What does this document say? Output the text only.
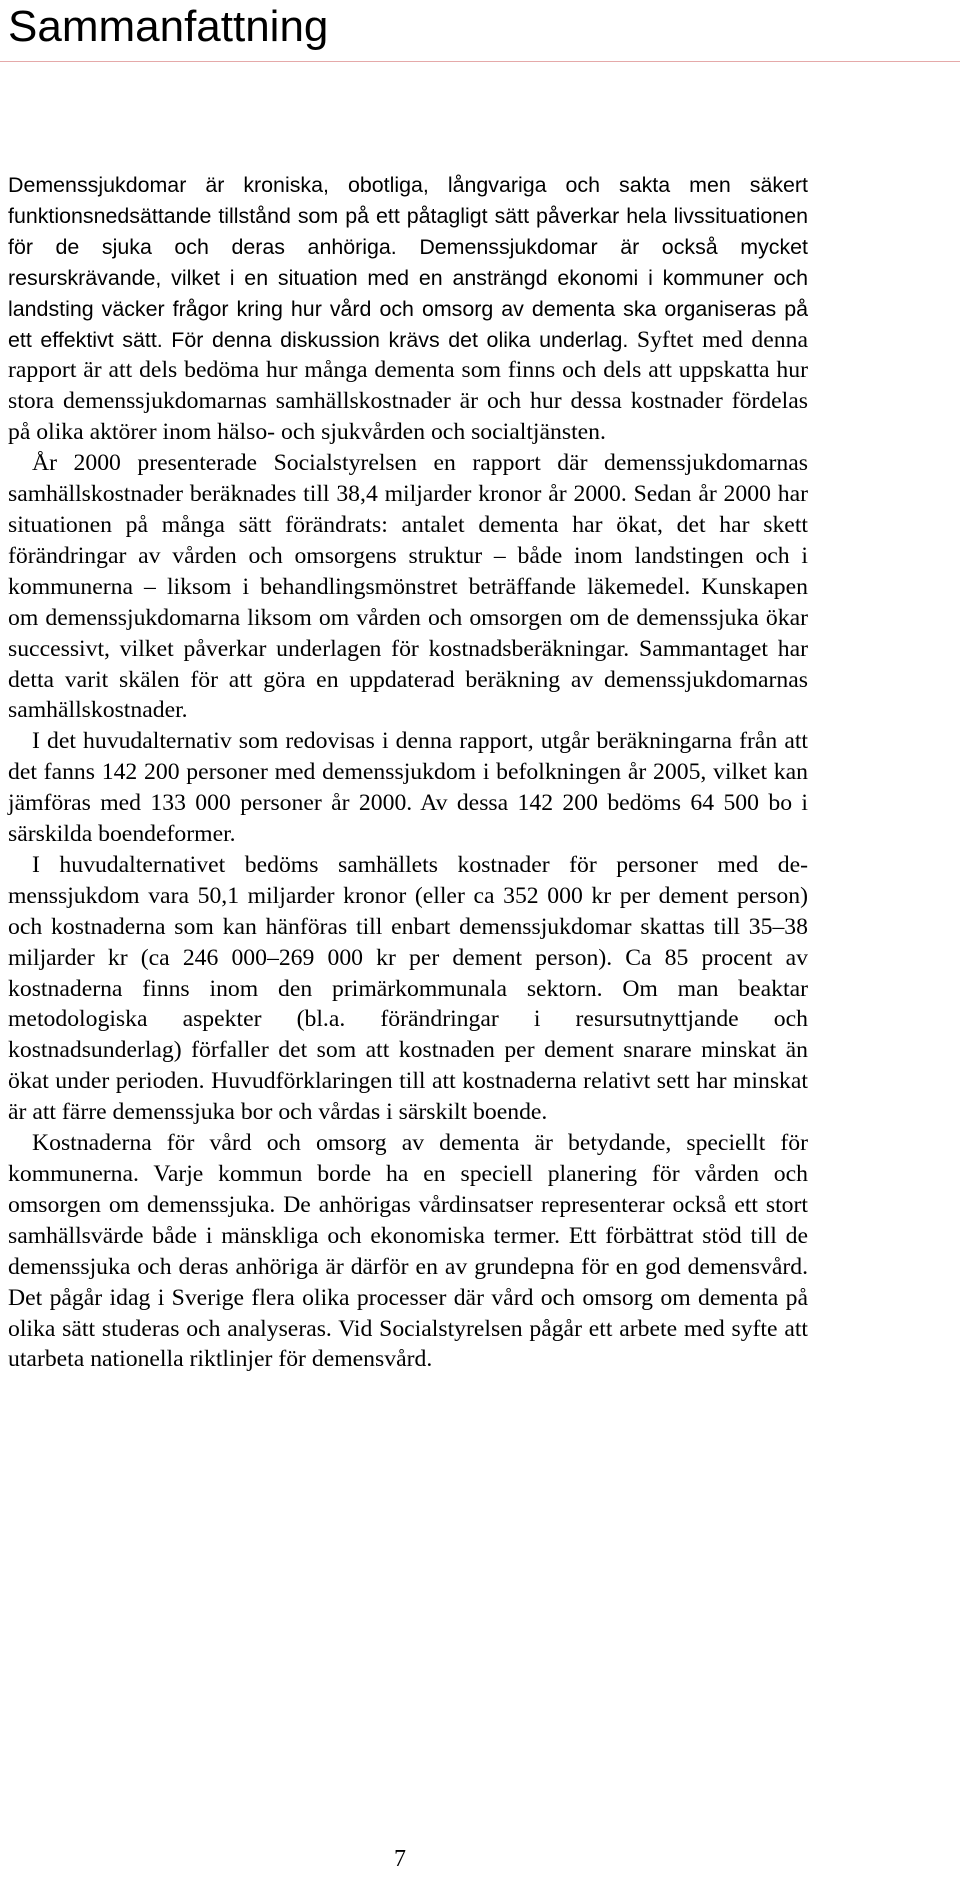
Sammanfattning

Demenssjukdomar är kroniska, obotliga, långvariga och sakta men säkert funktionsnedsättande tillstånd som på ett påtagligt sätt påverkar hela livssituationen för de sjuka och deras anhöriga. Demenssjukdomar är också mycket resurskrävande, vilket i en situation med en ansträngd ekonomi i kommuner och landsting väcker frågor kring hur vård och omsorg av dementa ska organiseras på ett effektivt sätt. För denna diskussion krävs det olika underlag. Syftet med denna rapport är att dels bedöma hur många dementa som finns och dels att uppskatta hur stora demenssjukdomarnas samhällskostnader är och hur dessa kostnader fördelas på olika aktörer inom hälso- och sjukvården och socialtjänsten.

År 2000 presenterade Socialstyrelsen en rapport där demenssjukdomarnas samhällskostnader beräknades till 38,4 miljarder kronor år 2000. Sedan år 2000 har situationen på många sätt förändrats: antalet dementa har ökat, det har skett förändringar av vården och omsorgens struktur – både inom landstingen och i kommunerna – liksom i behandlingsmönstret beträffande läkemedel. Kunskapen om demenssjukdomarna liksom om vården och omsorgen om de demenssjuka ökar successivt, vilket påverkar underlagen för kostnadsberäkningar. Sammantaget har detta varit skälen för att göra en uppdaterad beräkning av demenssjukdomarnas samhällskostnader.

I det huvudalternativ som redovisas i denna rapport, utgår beräkningarna från att det fanns 142 200 personer med demenssjukdom i befolkningen år 2005, vilket kan jämföras med 133 000 personer år 2000. Av dessa 142 200 bedöms 64 500 bo i särskilda boendeformer.

I huvudalternativet bedöms samhällets kostnader för personer med demenssjukdom vara 50,1 miljarder kronor (eller ca 352 000 kr per dement person) och kostnaderna som kan hänföras till enbart demenssjukdomar skattas till 35–38 miljarder kr (ca 246 000–269 000 kr per dement person). Ca 85 procent av kostnaderna finns inom den primärkommunala sektorn. Om man beaktar metodologiska aspekter (bl.a. förändringar i resursutnyttjande och kostnadsunderlag) förfaller det som att kostnaden per dement snarare minskat än ökat under perioden. Huvudförklaringen till att kostnaderna relativt sett har minskat är att färre demenssjuka bor och vårdas i särskilt boende.

Kostnaderna för vård och omsorg av dementa är betydande, speciellt för kommunerna. Varje kommun borde ha en speciell planering för vården och omsorgen om demenssjuka. De anhörigas vårdinsatser representerar också ett stort samhällsvärde både i mänskliga och ekonomiska termer. Ett förbättrat stöd till de demenssjuka och deras anhöriga är därför en av grundерna för en god demensvård. Det pågår idag i Sverige flera olika processer där vård och omsorg om dementa på olika sätt studeras och analyseras. Vid Socialstyrelsen pågår ett arbete med syfte att utarbeta nationella riktlinjer för demensvård.

7
